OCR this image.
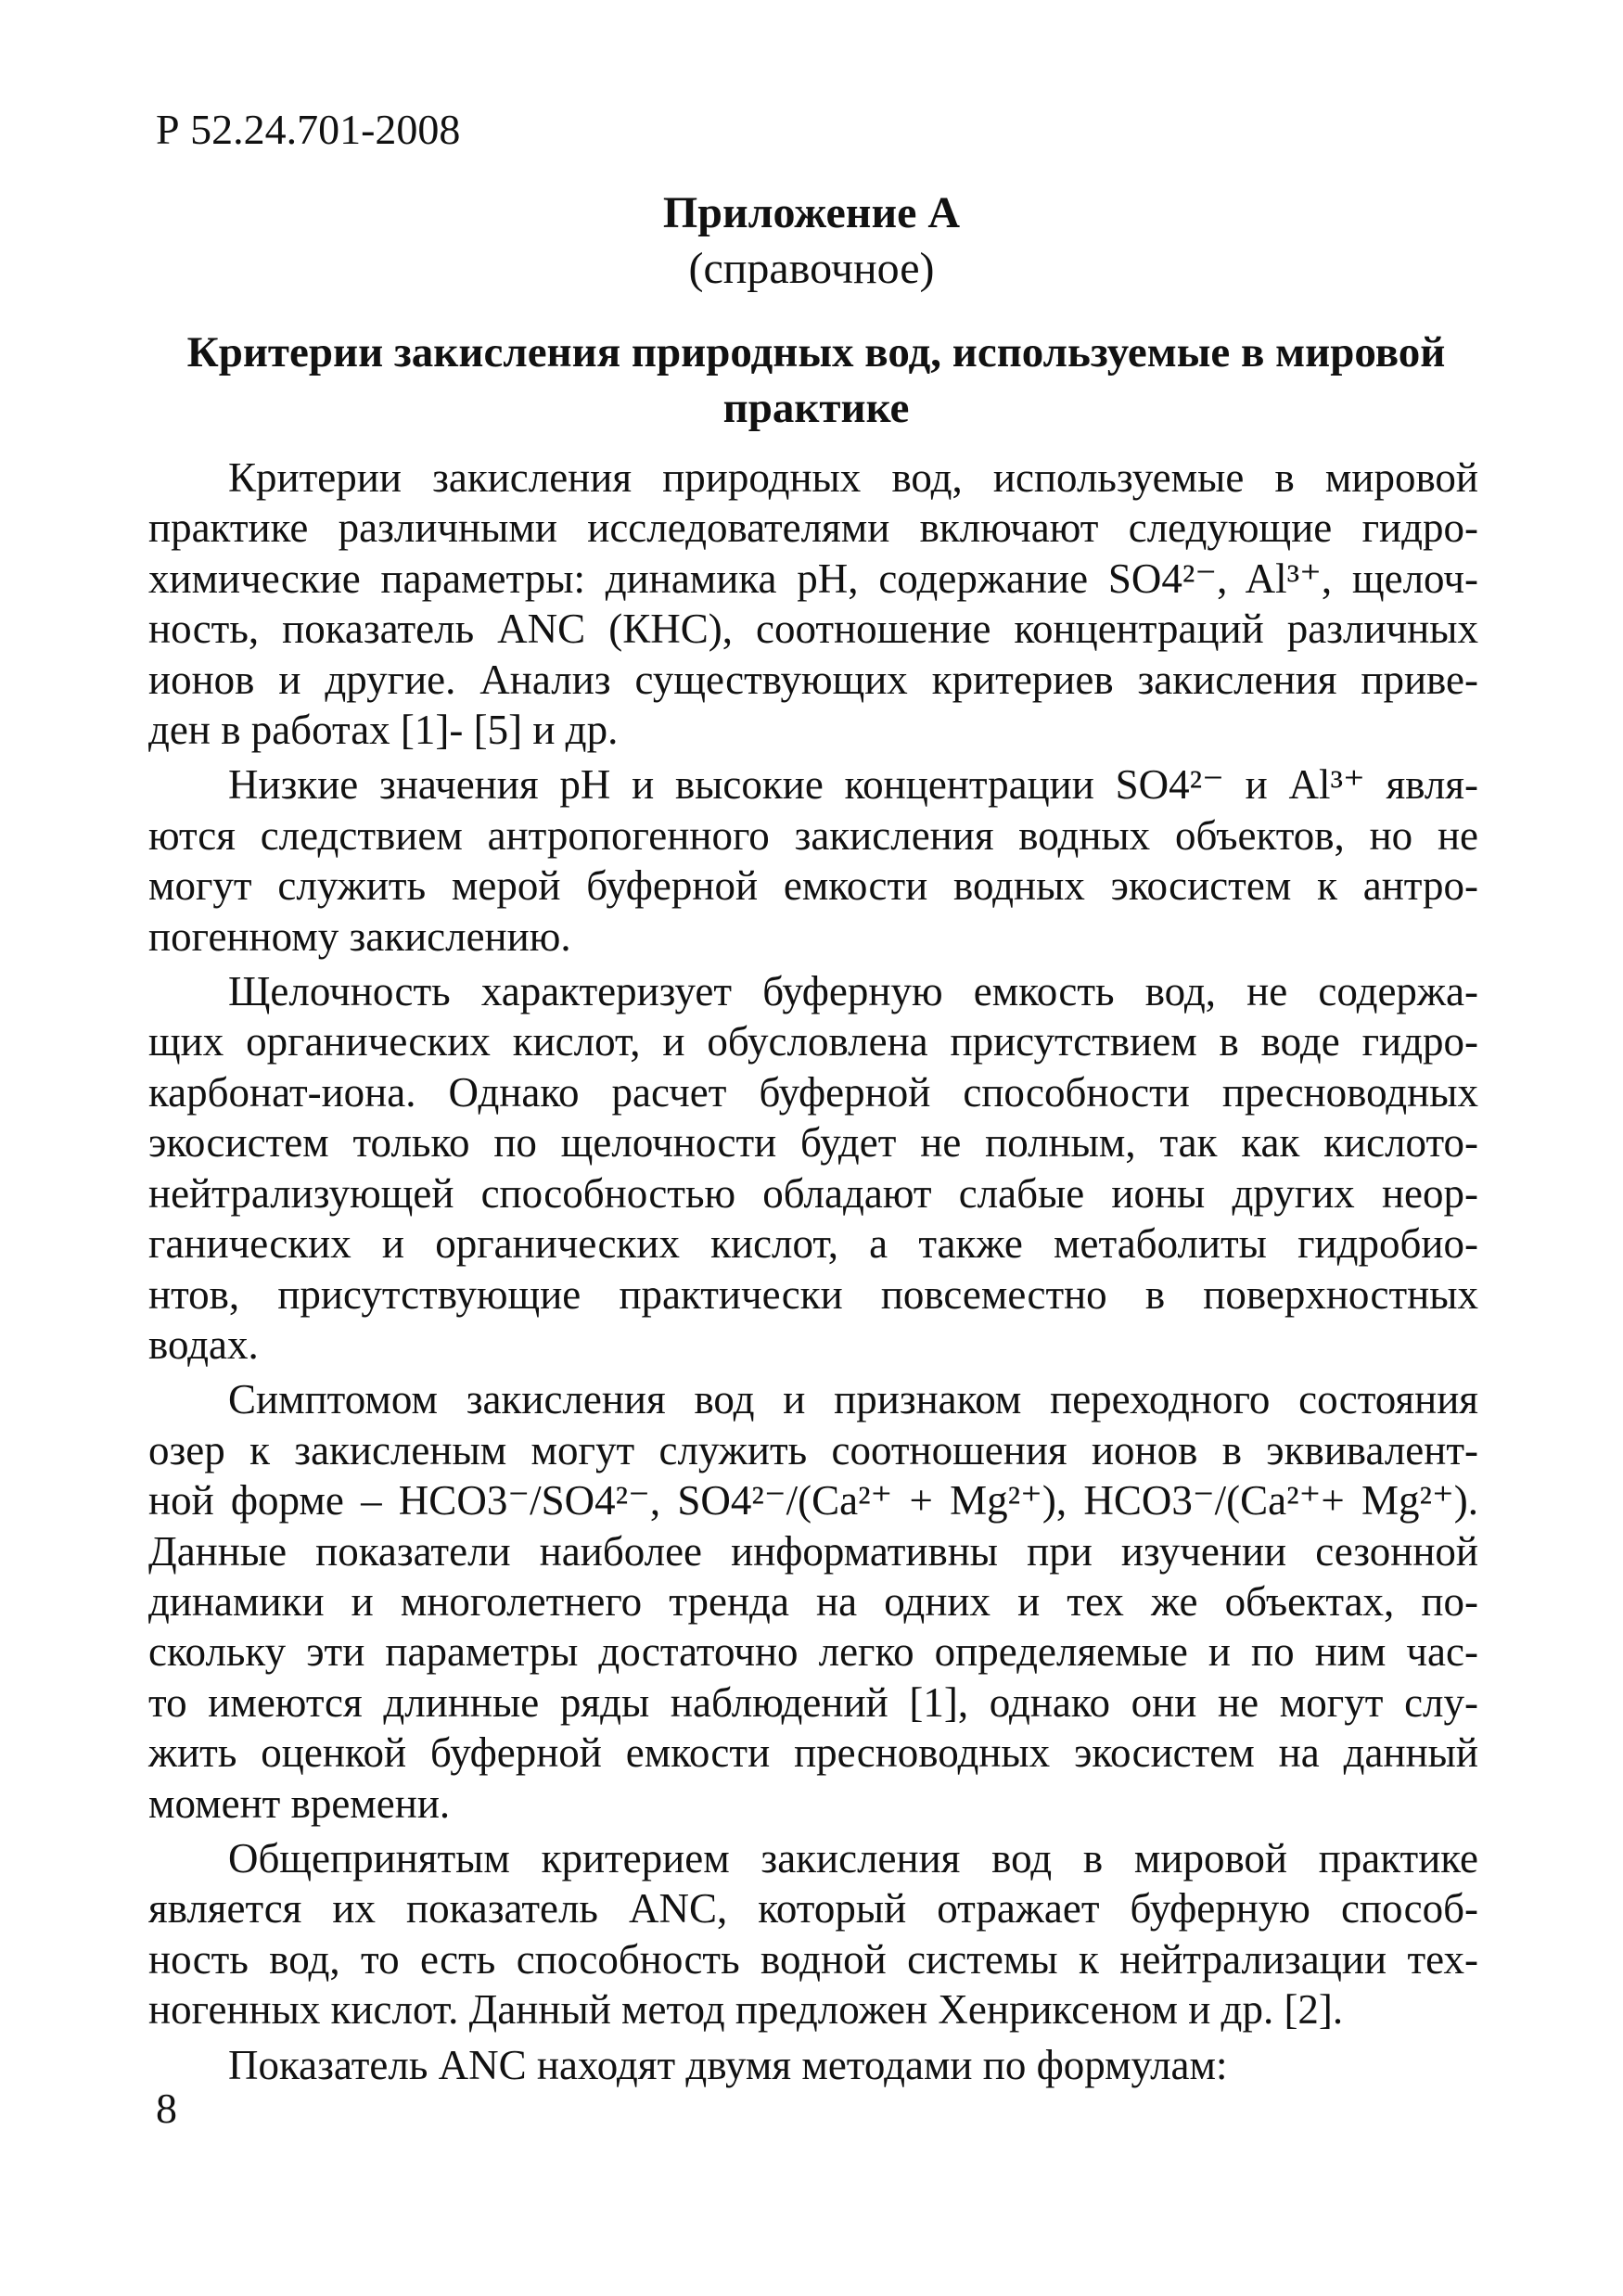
Р 52.24.701-2008
Приложение А
(справочное)
Критерии закисления природных вод, используемые в мировой
практике

Критерии закисления природных вод, используемые в мировой
практике различными исследователями включают следующие гидро-
химические параметры: динамика pH, содержание SO4²⁻, Al³⁺, щелоч-
ность, показатель ANC (КНС), соотношение концентраций различных
ионов и другие. Анализ существующих критериев закисления приве-
ден в работах [1]- [5] и др.

Низкие значения pH и высокие концентрации SO4²⁻ и Al³⁺ явля-
ются следствием антропогенного закисления водных объектов, но не
могут служить мерой буферной емкости водных экосистем к антро-
погенному закислению.

Щелочность характеризует буферную емкость вод, не содержа-
щих органических кислот, и обусловлена присутствием в воде гидро-
карбонат-иона. Однако расчет буферной способности пресноводных
экосистем только по щелочности будет не полным, так как кислото-
нейтрализующей способностью обладают слабые ионы других неор-
ганических и органических кислот, а также метаболиты гидробио-
нтов, присутствующие практически повсеместно в поверхностных
водах.

Симптомом закисления вод и признаком переходного состояния
озер к закисленым могут служить соотношения ионов в эквивалент-
ной форме – HCO3⁻/SO4²⁻, SO4²⁻/(Ca²⁺ + Mg²⁺), HCO3⁻/(Ca²⁺+ Mg²⁺).
Данные показатели наиболее информативны при изучении сезонной
динамики и многолетнего тренда на одних и тех же объектах, по-
скольку эти параметры достаточно легко определяемые и по ним час-
то имеются длинные ряды наблюдений [1], однако они не могут слу-
жить оценкой буферной емкости пресноводных экосистем на данный
момент времени.

Общепринятым критерием закисления вод в мировой практике
является их показатель ANC, который отражает буферную способ-
ность вод, то есть способность водной системы к нейтрализации тех-
ногенных кислот. Данный метод предложен Хенриксеном и др. [2].

Показатель ANC находят двумя методами по формулам:

8
